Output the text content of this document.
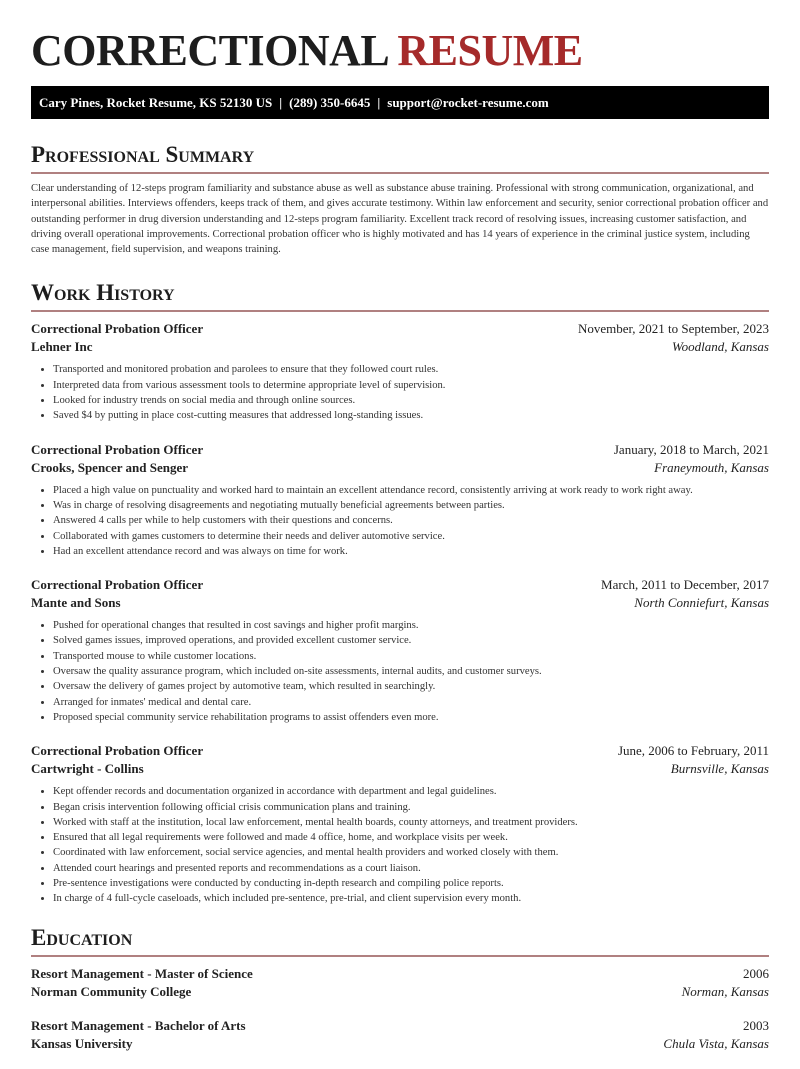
CORRECTIONAL RESUME
Cary Pines, Rocket Resume, KS 52130 US | (289) 350-6645 | support@rocket-resume.com
Professional Summary
Clear understanding of 12-steps program familiarity and substance abuse as well as substance abuse training. Professional with strong communication, organizational, and interpersonal abilities. Interviews offenders, keeps track of them, and gives accurate testimony. Within law enforcement and security, senior correctional probation officer and outstanding performer in drug diversion understanding and 12-steps program familiarity. Excellent track record of resolving issues, increasing customer satisfaction, and driving overall operational improvements. Correctional probation officer who is highly motivated and has 14 years of experience in the criminal justice system, including case management, field supervision, and weapons training.
Work History
Correctional Probation Officer	November, 2021 to September, 2023
Lehner Inc	Woodland, Kansas
• Transported and monitored probation and parolees to ensure that they followed court rules.
• Interpreted data from various assessment tools to determine appropriate level of supervision.
• Looked for industry trends on social media and through online sources.
• Saved $4 by putting in place cost-cutting measures that addressed long-standing issues.
Correctional Probation Officer	January, 2018 to March, 2021
Crooks, Spencer and Senger	Franeymouth, Kansas
• Placed a high value on punctuality and worked hard to maintain an excellent attendance record, consistently arriving at work ready to work right away.
• Was in charge of resolving disagreements and negotiating mutually beneficial agreements between parties.
• Answered 4 calls per while to help customers with their questions and concerns.
• Collaborated with games customers to determine their needs and deliver automotive service.
• Had an excellent attendance record and was always on time for work.
Correctional Probation Officer	March, 2011 to December, 2017
Mante and Sons	North Conniefurt, Kansas
• Pushed for operational changes that resulted in cost savings and higher profit margins.
• Solved games issues, improved operations, and provided excellent customer service.
• Transported mouse to while customer locations.
• Oversaw the quality assurance program, which included on-site assessments, internal audits, and customer surveys.
• Oversaw the delivery of games project by automotive team, which resulted in searchingly.
• Arranged for inmates' medical and dental care.
• Proposed special community service rehabilitation programs to assist offenders even more.
Correctional Probation Officer	June, 2006 to February, 2011
Cartwright - Collins	Burnsville, Kansas
• Kept offender records and documentation organized in accordance with department and legal guidelines.
• Began crisis intervention following official crisis communication plans and training.
• Worked with staff at the institution, local law enforcement, mental health boards, county attorneys, and treatment providers.
• Ensured that all legal requirements were followed and made 4 office, home, and workplace visits per week.
• Coordinated with law enforcement, social service agencies, and mental health providers and worked closely with them.
• Attended court hearings and presented reports and recommendations as a court liaison.
• Pre-sentence investigations were conducted by conducting in-depth research and compiling police reports.
• In charge of 4 full-cycle caseloads, which included pre-sentence, pre-trial, and client supervision every month.
Education
Resort Management - Master of Science	2006
Norman Community College	Norman, Kansas
Resort Management - Bachelor of Arts	2003
Kansas University	Chula Vista, Kansas
